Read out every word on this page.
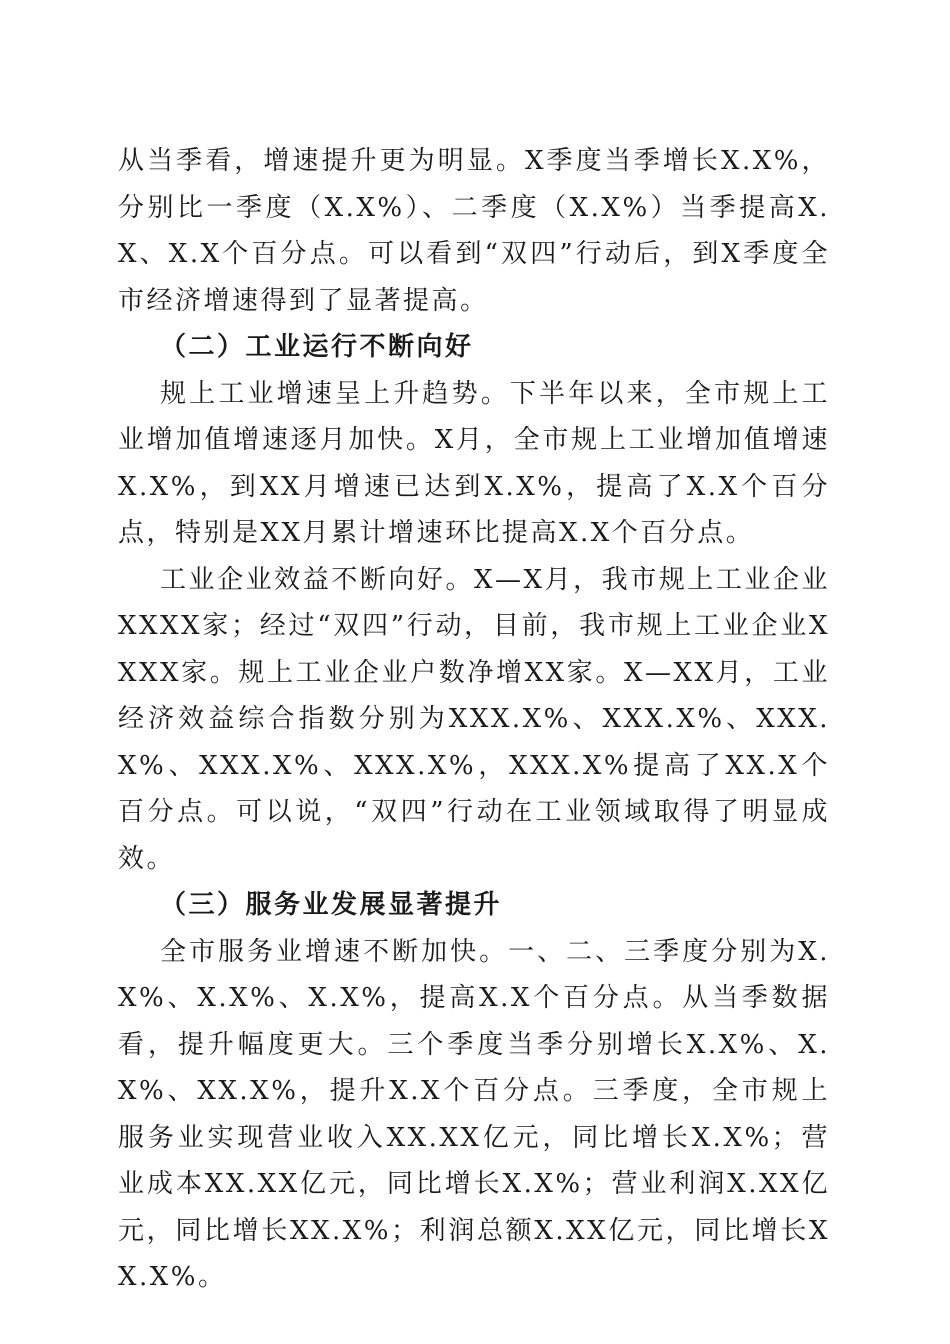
从当季看，增速提升更为明显。X季度当季增长X.X%，分别比一季度（X.X%）、二季度（X.X%）当季提高X.X、X.X个百分点。可以看到“双四”行动后，到X季度全市经济增速得到了显著提高。

（二）工业运行不断向好

规上工业增速呈上升趋势。下半年以来，全市规上工业增加值增速逐月加快。X月，全市规上工业增加值增速X.X%，到XX月增速已达到X.X%，提高了X.X个百分点，特别是XX月累计增速环比提高X.X个百分点。

工业企业效益不断向好。X—X月，我市规上工业企业XXXX家；经过“双四”行动，目前，我市规上工业企业XXXX家。规上工业企业户数净增XX家。X—XX月，工业经济效益综合指数分别为XXX.X%、XXX.X%、XXX.X%、XXX.X%、XXX.X%，XXX.X%提高了XX.X个百分点。可以说，“双四”行动在工业领域取得了明显成效。

（三）服务业发展显著提升

全市服务业增速不断加快。一、二、三季度分别为X.X%、X.X%、X.X%，提高X.X个百分点。从当季数据看，提升幅度更大。三个季度当季分别增长X.X%、X.X%、XX.X%，提升X.X个百分点。三季度，全市规上服务业实现营业收入XX.XX亿元，同比增长X.X%；营业成本XX.XX亿元，同比增长X.X%；营业利润X.XX亿元，同比增长XX.X%；利润总额X.XX亿元，同比增长XX.X%。
